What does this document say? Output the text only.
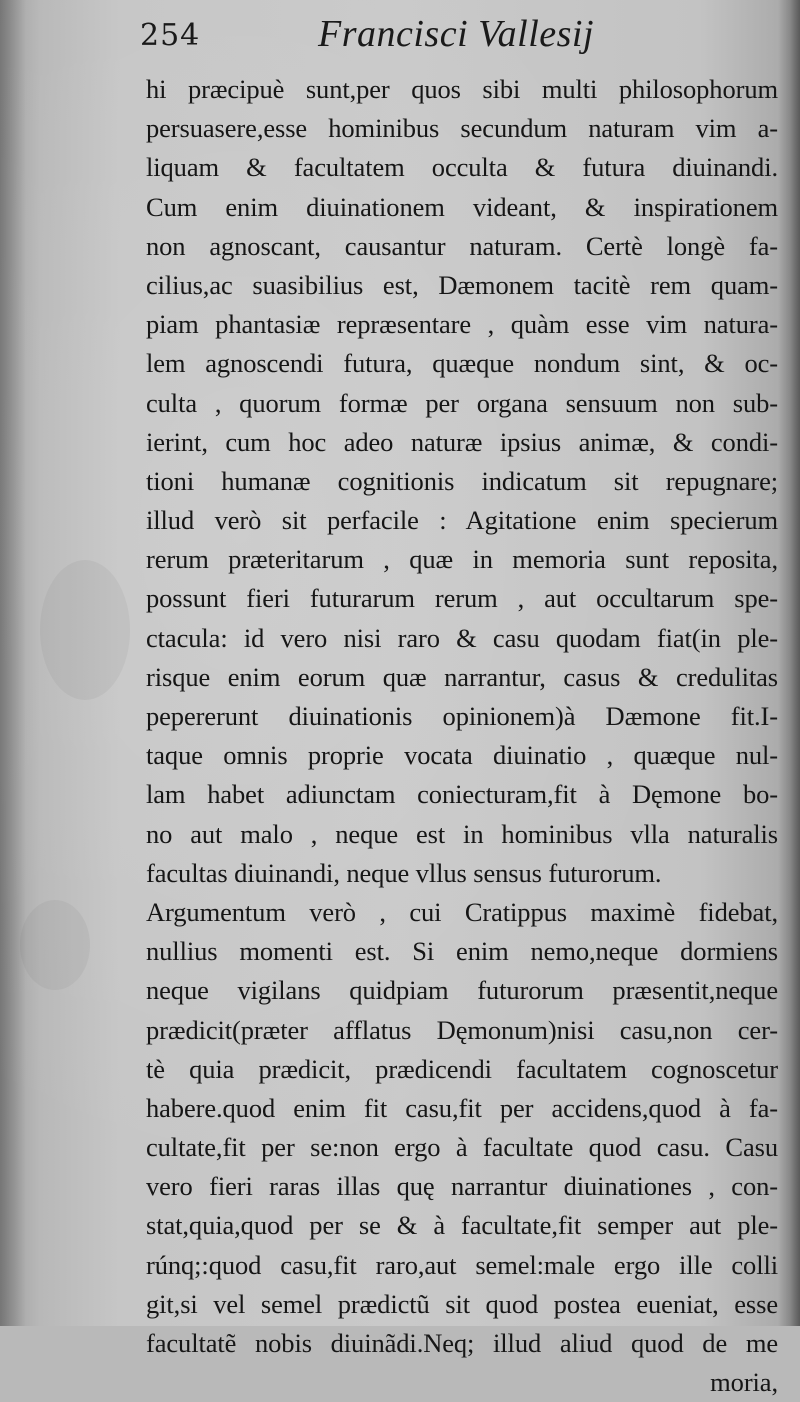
254	Francisci Vallesij
hi præcipuè sunt,per quos sibi multi philosophorum
persuasere,esse hominibus secundum naturam vim a-
liquam & facultatem occulta & futura diuinandi.
Cum enim diuinationem videant, & inspirationem
non agnoscant, causantur naturam. Certè longè fa-
cilius,ac suasibilius est, Dæmonem tacitè rem quam-
piam phantasiæ repræsentare , quàm esse vim natura-
lem agnoscendi futura, quæque nondum sint, & oc-
culta , quorum formæ per organa sensuum non sub-
ierint, cum hoc adeo naturæ ipsius animæ, & condi-
tioni humanæ cognitionis indicatum sit repugnare;
illud verò sit perfacile : Agitatione enim specierum
rerum præteritarum , quæ in memoria sunt reposita,
possunt fieri futurarum rerum , aut occultarum spe-
ctacula: id vero nisi raro & casu quodam fiat(in ple-
risque enim eorum quæ narrantur, casus & credulitas
pepererunt diuinationis opinionem)à Dæmone fit.I-
taque omnis proprie vocata diuinatio , quæque nul-
lam habet adiunctam coniecturam,fit à Dęmone bo-
no aut malo , neque est in hominibus vlla naturalis
facultas diuinandi, neque vllus sensus futurorum.
Argumentum verò , cui Cratippus maximè fidebat,
nullius momenti est. Si enim nemo,neque dormiens
neque vigilans quidpiam futurorum præsentit,neque
prædicit(præter afflatus Dęmonum)nisi casu,non cer-
tè quia prædicit, prædicendi facultatem cognoscetur
habere.quod enim fit casu,fit per accidens,quod à fa-
cultate,fit per se:non ergo à facultate quod casu. Casu
vero fieri raras illas quę narrantur diuinationes , con-
stat,quia,quod per se & à facultate,fit semper aut ple-
rúnq;:quod casu,fit raro,aut semel:male ergo ille colli
git,si vel semel prædictũ sit quod postea eueniat, esse
facultatẽ nobis diuinãdi.Neq; illud aliud quod de me
moria,
